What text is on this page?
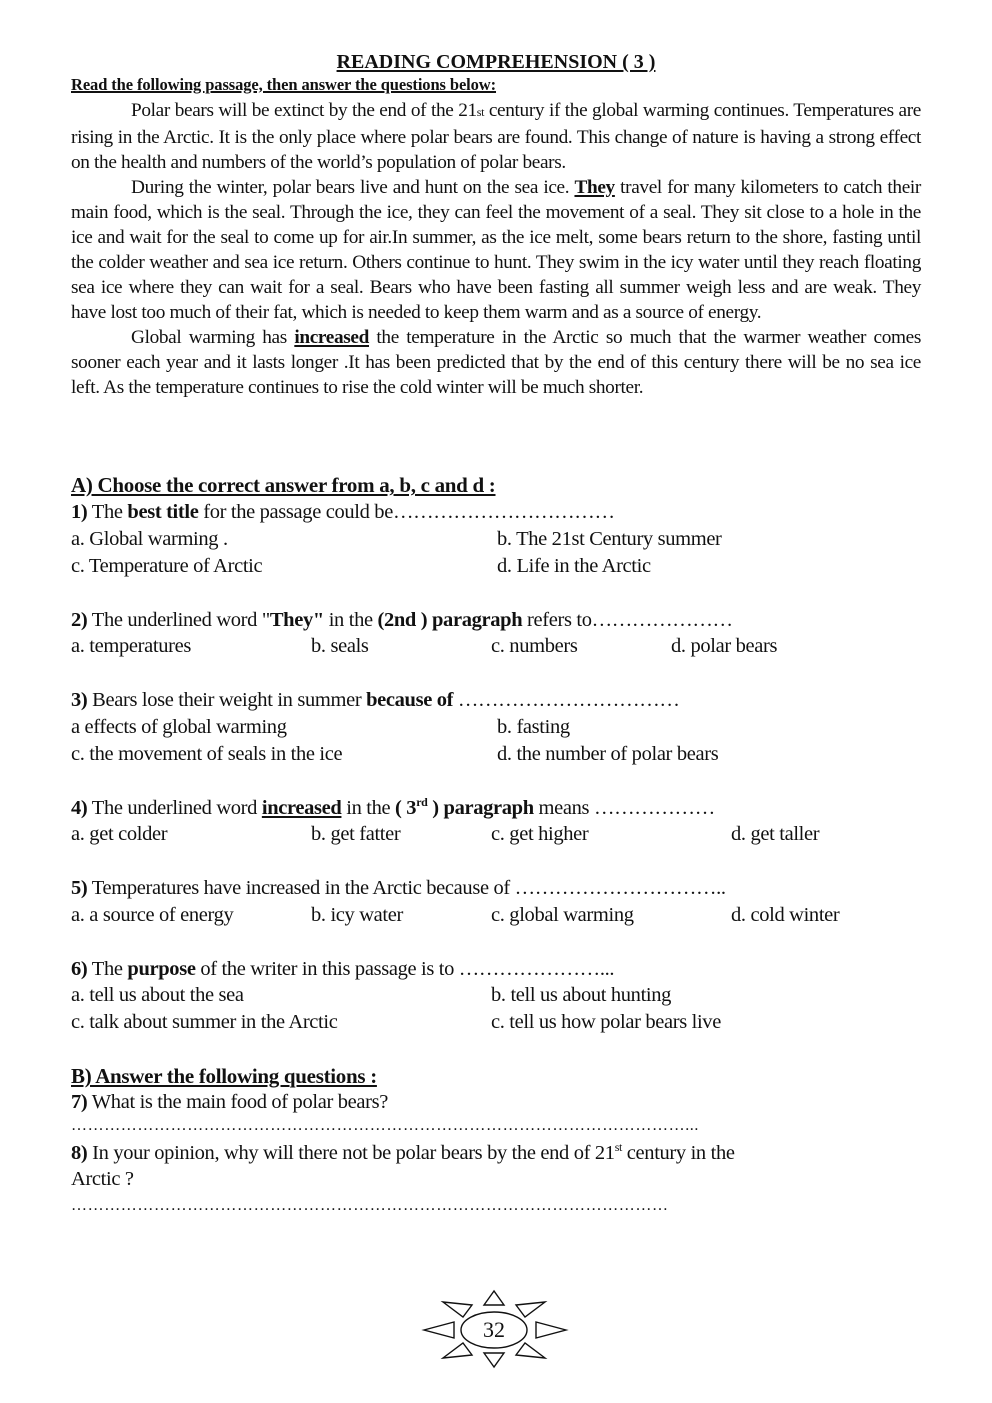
READING COMPREHENSION ( 3 )
Read the following passage, then answer the questions below:

Polar bears will be extinct by the end of the 21st century if the global warming continues. Temperatures are rising in the Arctic. It is the only place where polar bears are found. This change of nature is having a strong effect on the health and numbers of the world’s population of polar bears.

During the winter, polar bears live and hunt on the sea ice. They travel for many kilometers to catch their main food, which is the seal. Through the ice, they can feel the movement of a seal. They sit close to a hole in the ice and wait for the seal to come up for air.In summer, as the ice melt, some bears return to the shore, fasting until the colder weather and sea ice return. Others continue to hunt. They swim in the icy water until they reach floating sea ice where they can wait for a seal. Bears who have been fasting all summer weigh less and are weak. They have lost too much of their fat, which is needed to keep them warm and as a source of energy.

Global warming has increased the temperature in the Arctic so much that the warmer weather comes sooner each year and it lasts longer .It has been predicted that by the end of this century there will be no sea ice left. As the temperature continues to rise the cold winter will be much shorter.

A) Choose the correct answer from a, b, c and d :
1) The best title for the passage could be……………………………
a. Global warming .	b. The 21st Century summer
c. Temperature of Arctic	d. Life in the Arctic
2) The underlined word "They" in the (2nd ) paragraph refers to…………………
a. temperatures	b. seals	c. numbers	d. polar bears
3) Bears lose their weight in summer because of ……………………………
a effects of global warming	b. fasting
c. the movement of seals in the ice	d. the number of polar bears
4) The underlined word increased in the ( 3rd ) paragraph means ………………
a. get colder	b. get fatter	c. get higher	d. get taller
5) Temperatures have increased in the Arctic because of …………………………..
a. a source of energy	b. icy water	c. global warming	d. cold winter
6) The purpose of the writer in this passage is to …………………...
a. tell us about the sea	b. tell us about hunting
c. talk about summer in the Arctic	c. tell us how polar bears live
B) Answer the following questions :
7) What is the main food of polar bears?
…………………………………………………………………………………………………...
8) In your opinion, why will there not be polar bears by the end of 21st century in the
Arctic ?
………………………………………………………………………………………………
32
